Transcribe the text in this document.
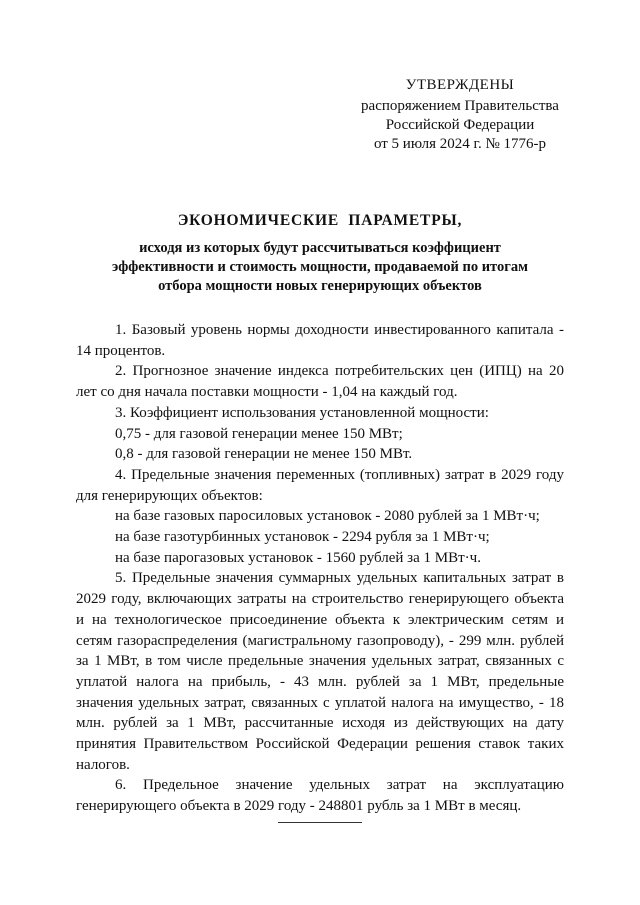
УТВЕРЖДЕНЫ
распоряжением Правительства
Российской Федерации
от 5 июля 2024 г. № 1776-р
ЭКОНОМИЧЕСКИЕ  ПАРАМЕТРЫ,
исходя из которых будут рассчитываться коэффициент
эффективности и стоимость мощности, продаваемой по итогам
отбора мощности новых генерирующих объектов

1. Базовый уровень нормы доходности инвестированного капитала - 14 процентов.

2. Прогнозное значение индекса потребительских цен (ИПЦ) на 20 лет со дня начала поставки мощности - 1,04 на каждый год.

3. Коэффициент использования установленной мощности:

0,75 - для газовой генерации менее 150 МВт;

0,8 - для газовой генерации не менее 150 МВт.

4. Предельные значения переменных (топливных) затрат в 2029 году для генерирующих объектов:

на базе газовых паросиловых установок - 2080 рублей за 1 МВт·ч;

на базе газотурбинных установок - 2294 рубля за 1 МВт·ч;

на базе парогазовых установок - 1560 рублей за 1 МВт·ч.

5. Предельные значения суммарных удельных капитальных затрат в 2029 году, включающих затраты на строительство генерирующего объекта и на технологическое присоединение объекта к электрическим сетям и сетям газораспределения (магистральному газопроводу), - 299 млн. рублей за 1 МВт, в том числе предельные значения удельных затрат, связанных с уплатой налога на прибыль, - 43 млн. рублей за 1 МВт, предельные значения удельных затрат, связанных с уплатой налога на имущество, - 18 млн. рублей за 1 МВт, рассчитанные исходя из действующих на дату принятия Правительством Российской Федерации решения ставок таких налогов.

6. Предельное значение удельных затрат на эксплуатацию генерирующего объекта в 2029 году - 248801 рубль за 1 МВт в месяц.
